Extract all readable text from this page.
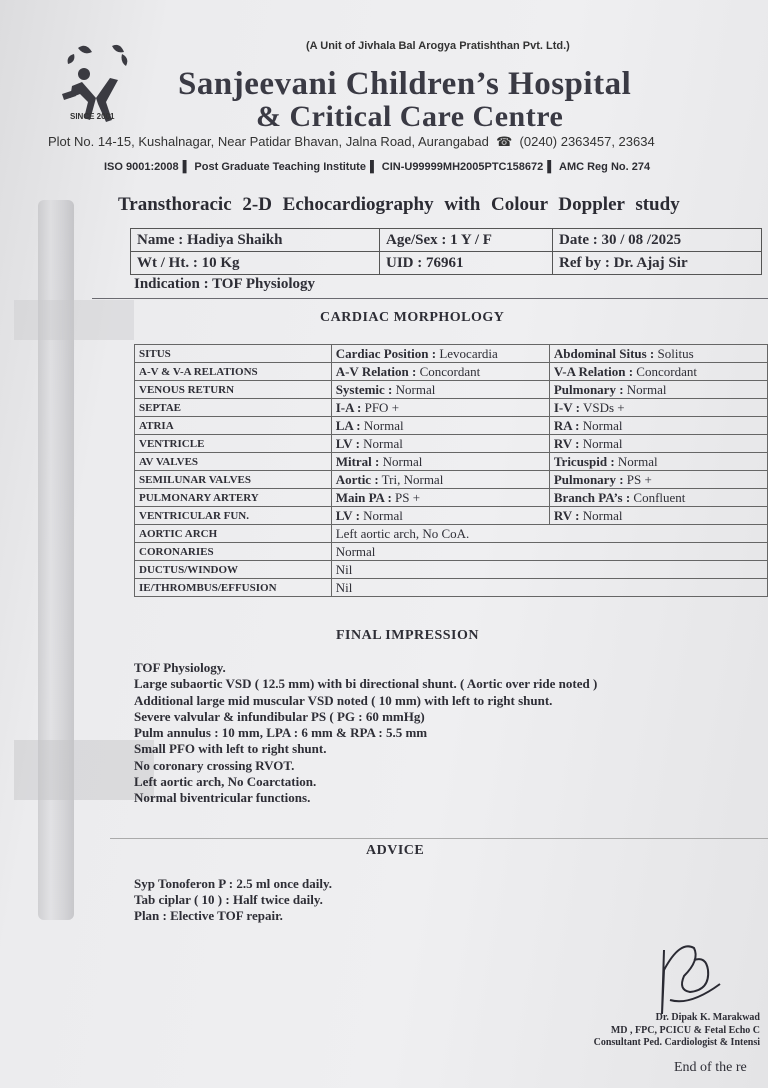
(A Unit of Jivhala Bal Arogya Pratishthan Pvt. Ltd.)
SINCE 2001
Sanjeevani Children’s Hospital
& Critical Care Centre
Plot No. 14-15, Kushalnagar, Near Patidar Bhavan, Jalna Road, Aurangabad  ☎  (0240) 2363457, 23634
ISO 9001:2008 ▌ Post Graduate Teaching Institute ▌ CIN-U99999MH2005PTC158672 ▌ AMC Reg No. 274
Transthoracic 2-D Echocardiography with Colour Doppler study
Name : Hadiya Shaikh	Age/Sex : 1 Y / F	Date : 30 / 08 /2025
Wt / Ht. : 10 Kg	UID : 76961	Ref by : Dr. Ajaj Sir
Indication : TOF Physiology
CARDIAC MORPHOLOGY
SITUS	Cardiac Position : Levocardia	Abdominal Situs : Solitus
A-V & V-A RELATIONS	A-V Relation : Concordant	V-A Relation : Concordant
VENOUS RETURN	Systemic : Normal	Pulmonary : Normal
SEPTAE	I-A : PFO +	I-V : VSDs +
ATRIA	LA : Normal	RA : Normal
VENTRICLE	LV : Normal	RV : Normal
AV VALVES	Mitral : Normal	Tricuspid : Normal
SEMILUNAR VALVES	Aortic : Tri, Normal	Pulmonary : PS +
PULMONARY ARTERY	Main PA : PS +	Branch PA’s : Confluent
VENTRICULAR FUN.	LV : Normal	RV : Normal
AORTIC ARCH	Left aortic arch, No CoA.	
CORONARIES	Normal	
DUCTUS/WINDOW	Nil	
IE/THROMBUS/EFFUSION	Nil	
FINAL IMPRESSION
TOF Physiology.
Large subaortic VSD ( 12.5 mm) with bi directional shunt. ( Aortic over ride noted )
Additional large mid muscular VSD noted ( 10 mm) with left to right shunt.
Severe valvular & infundibular PS ( PG : 60 mmHg)
Pulm annulus : 10 mm, LPA : 6 mm & RPA : 5.5 mm
Small PFO with left to right shunt.
No coronary crossing RVOT.
Left aortic arch, No Coarctation.
Normal biventricular functions.
ADVICE
Syp Tonoferon P : 2.5 ml once daily.
Tab ciplar ( 10 ) : Half twice daily.
Plan : Elective TOF repair.
Dr. Dipak K. Marakwad
MD , FPC, PCICU & Fetal Echo C
Consultant Ped. Cardiologist & Intensi
End of the re
